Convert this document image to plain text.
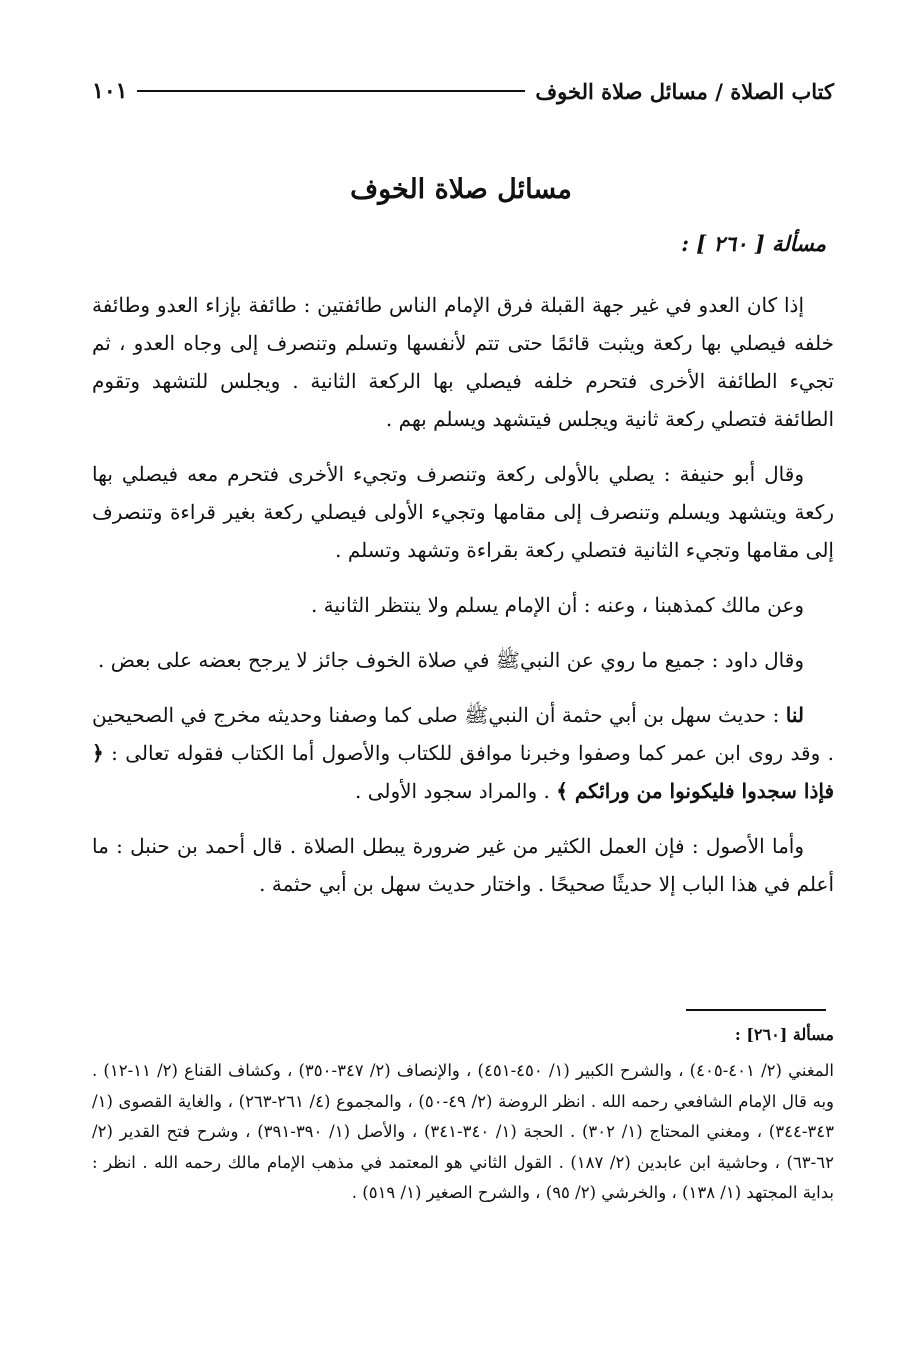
كتاب الصلاة / مسائل صلاة الخوف
١٠١
مسائل صلاة الخوف
مسألة [ ٢٦٠ ] :

إذا كان العدو في غير جهة القبلة فرق الإمام الناس طائفتين : طائفة بإزاء العدو وطائفة خلفه فيصلي بها ركعة ويثبت قائمًا حتى تتم لأنفسها وتسلم وتنصرف إلى وجاه العدو ، ثم تجيء الطائفة الأخرى فتحرم خلفه فيصلي بها الركعة الثانية . ويجلس للتشهد وتقوم الطائفة فتصلي ركعة ثانية ويجلس فيتشهد ويسلم بهم .

وقال أبو حنيفة : يصلي بالأولى ركعة وتنصرف وتجيء الأخرى فتحرم معه فيصلي بها ركعة ويتشهد ويسلم وتنصرف إلى مقامها وتجيء الأولى فيصلي ركعة بغير قراءة وتنصرف إلى مقامها وتجيء الثانية فتصلي ركعة بقراءة وتشهد وتسلم .

وعن مالك كمذهبنا ، وعنه : أن الإمام يسلم ولا ينتظر الثانية .

وقال داود : جميع ما روي عن النبيﷺ في صلاة الخوف جائز لا يرجح بعضه على بعض .

لنا : حديث سهل بن أبي حثمة أن النبيﷺ صلى كما وصفنا وحديثه مخرج في الصحيحين . وقد روى ابن عمر كما وصفوا وخبرنا موافق للكتاب والأصول أما الكتاب فقوله تعالى : ﴿ فإذا سجدوا فليكونوا من ورائكم ﴾ . والمراد سجود الأولى .

وأما الأصول : فإن العمل الكثير من غير ضرورة يبطل الصلاة . قال أحمد بن حنبل : ما أعلم في هذا الباب إلا حديثًا صحيحًا . واختار حديث سهل بن أبي حثمة .

مسألة [٢٦٠] :

المغني (٢/ ٤٠١-٤٠٥) ، والشرح الكبير (١/ ٤٥٠-٤٥١) ، والإنصاف (٢/ ٣٤٧-٣٥٠) ، وكشاف القناع (٢/ ١١-١٢) . وبه قال الإمام الشافعي رحمه الله . انظر الروضة (٢/ ٤٩-٥٠) ، والمجموع (٤/ ٢٦١-٢٦٣) ، والغاية القصوى (١/ ٣٤٣-٣٤٤) ، ومغني المحتاج (١/ ٣٠٢) . الحجة (١/ ٣٤٠-٣٤١) ، والأصل (١/ ٣٩٠-٣٩١) ، وشرح فتح القدير (٢/ ٦٢-٦٣) ، وحاشية ابن عابدين (٢/ ١٨٧) . القول الثاني هو المعتمد في مذهب الإمام مالك رحمه الله . انظر : بداية المجتهد (١/ ١٣٨) ، والخرشي (٢/ ٩٥) ، والشرح الصغير (١/ ٥١٩) .
